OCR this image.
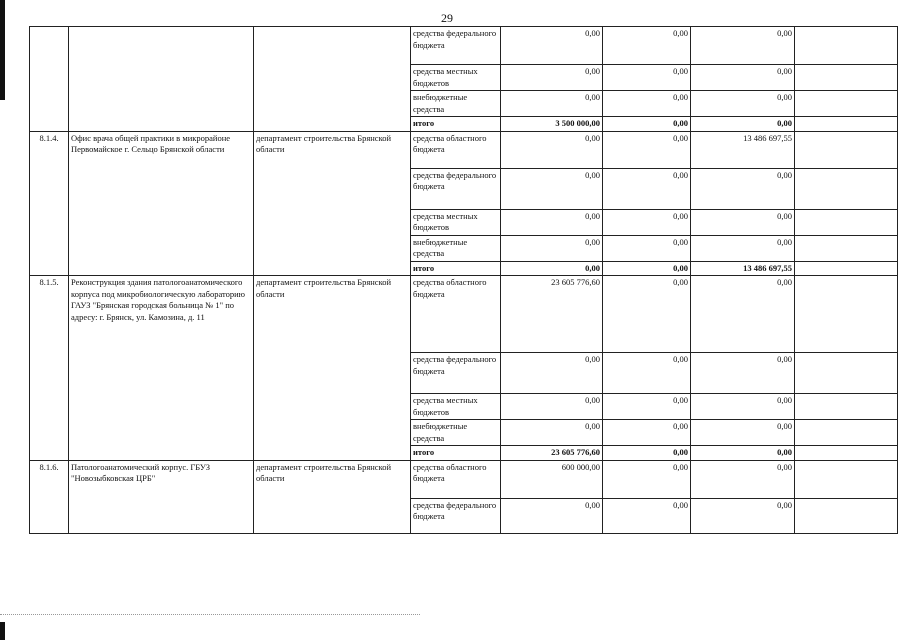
29
			средства федерального бюджета	0,00	0,00	0,00	
			средства местных бюджетов	0,00	0,00	0,00	
			внебюджетные средства	0,00	0,00	0,00	
			итого	3 500 000,00	0,00	0,00	
8.1.4.	Офис врача общей практики в микрорайоне Первомайское г. Сельцо Брянской области	департамент строительства Брянской области	средства областного бюджета	0,00	0,00	13 486 697,55	
			средства федерального бюджета	0,00	0,00	0,00	
			средства местных бюджетов	0,00	0,00	0,00	
			внебюджетные средства	0,00	0,00	0,00	
			итого	0,00	0,00	13 486 697,55	
8.1.5.	Реконструкция здания патологоанатомического корпуса под микробиологическую лабораторию ГАУЗ "Брянская городская больница № 1" по адресу: г. Брянск, ул. Камозина, д. 11	департамент строительства Брянской области	средства областного бюджета	23 605 776,60	0,00	0,00	
			средства федерального бюджета	0,00	0,00	0,00	
			средства местных бюджетов	0,00	0,00	0,00	
			внебюджетные средства	0,00	0,00	0,00	
			итого	23 605 776,60	0,00	0,00	
8.1.6.	Патологоанатомический корпус. ГБУЗ "Новозыбковская ЦРБ"	департамент строительства Брянской области	средства областного бюджета	600 000,00	0,00	0,00	
			средства федерального бюджета	0,00	0,00	0,00	
